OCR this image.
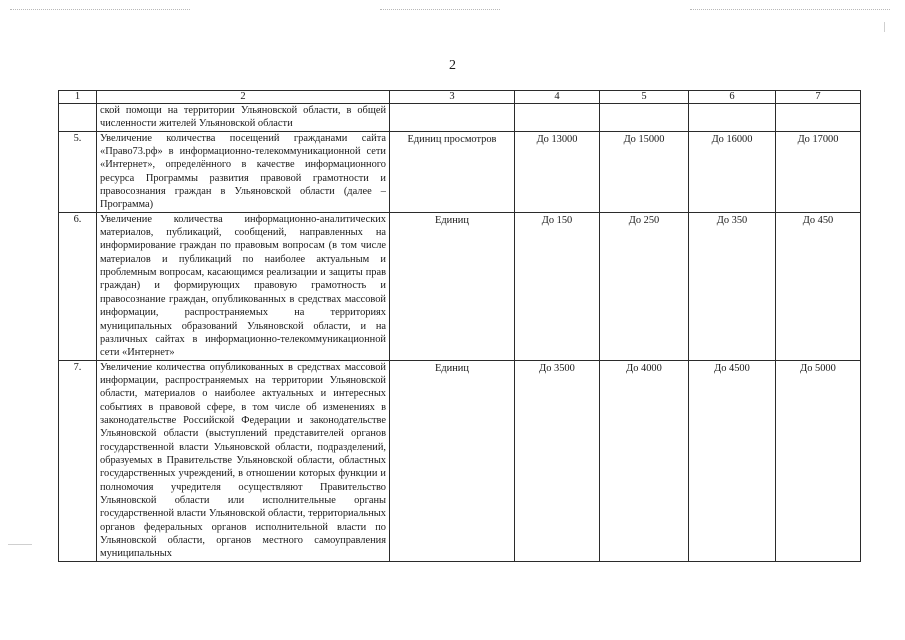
2
1	2	3	4	5	6	7
	ской помощи на территории Ульяновской области, в общей численности жителей Ульяновской области					
5.	Увеличение количества посещений гражданами сайта «Право73.рф» в информационно-телекоммуникационной сети «Интернет», определённого в качестве информационного ресурса Программы развития правовой грамотности и правосознания граждан в Ульяновской области (далее – Программа)	Единиц просмотров	До 13000	До 15000	До 16000	До 17000
6.	Увеличение количества информационно-аналитических материалов, публикаций, сообщений, направленных на информирование граждан по правовым вопросам (в том числе материалов и публикаций по наиболее актуальным и проблемным вопросам, касающимся реализации и защиты прав граждан) и формирующих правовую грамотность и правосознание граждан, опубликованных в средствах массовой информации, распространяемых на территориях муниципальных образований Ульяновской области, и на различных сайтах в информационно-телекоммуникационной сети «Интернет»	Единиц	До 150	До 250	До 350	До 450
7.	Увеличение количества опубликованных в средствах массовой информации, распространяемых на территории Ульяновской области, материалов о наиболее актуальных и интересных событиях в правовой сфере, в том числе об изменениях в законодательстве Российской Федерации и законодательстве Ульяновской области (выступлений представителей органов государственной власти Ульяновской области, подразделений, образуемых в Правительстве Ульяновской области, областных государственных учреждений, в отношении которых функции и полномочия учредителя осуществляют Правительство Ульяновской области или исполнительные органы государственной власти Ульяновской области, территориальных органов федеральных органов исполнительной власти по Ульяновской области, органов местного самоуправления муниципальных	Единиц	До 3500	До 4000	До 4500	До 5000
